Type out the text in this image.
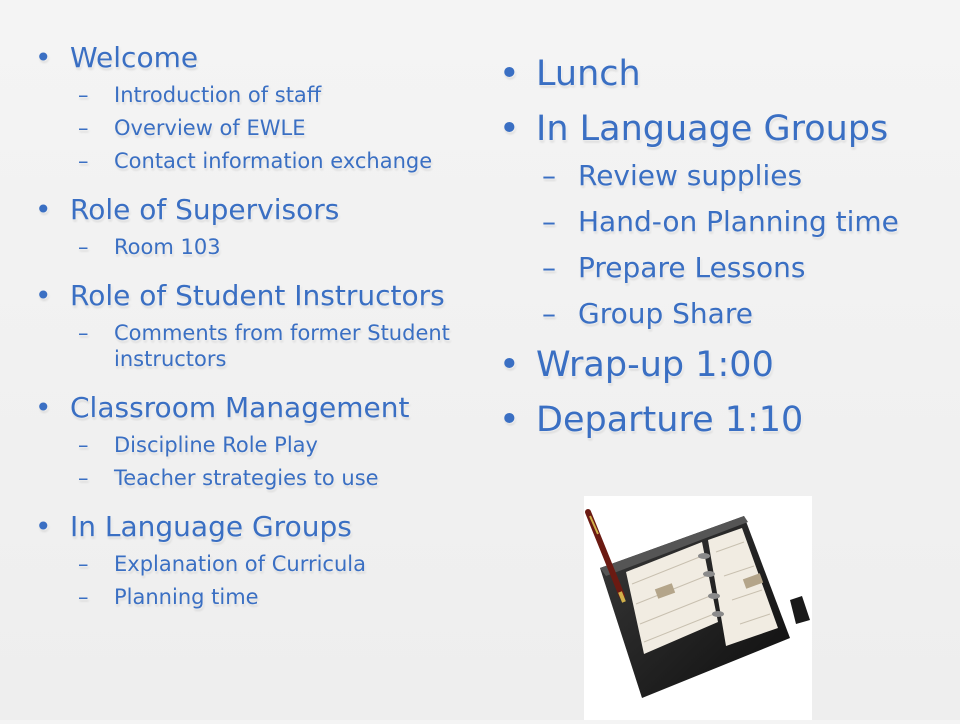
• Welcome
– Introduction of staff
– Overview of EWLE
– Contact information exchange
• Role of Supervisors
– Room 103
• Role of Student Instructors
– Comments from former Student instructors
• Classroom Management
– Discipline Role Play
– Teacher strategies to use
• In Language Groups
– Explanation of Curricula
– Planning time
• Lunch
• In Language Groups
– Review supplies
– Hand-on Planning time
– Prepare Lessons
– Group Share
• Wrap-up 1:00
• Departure 1:10
